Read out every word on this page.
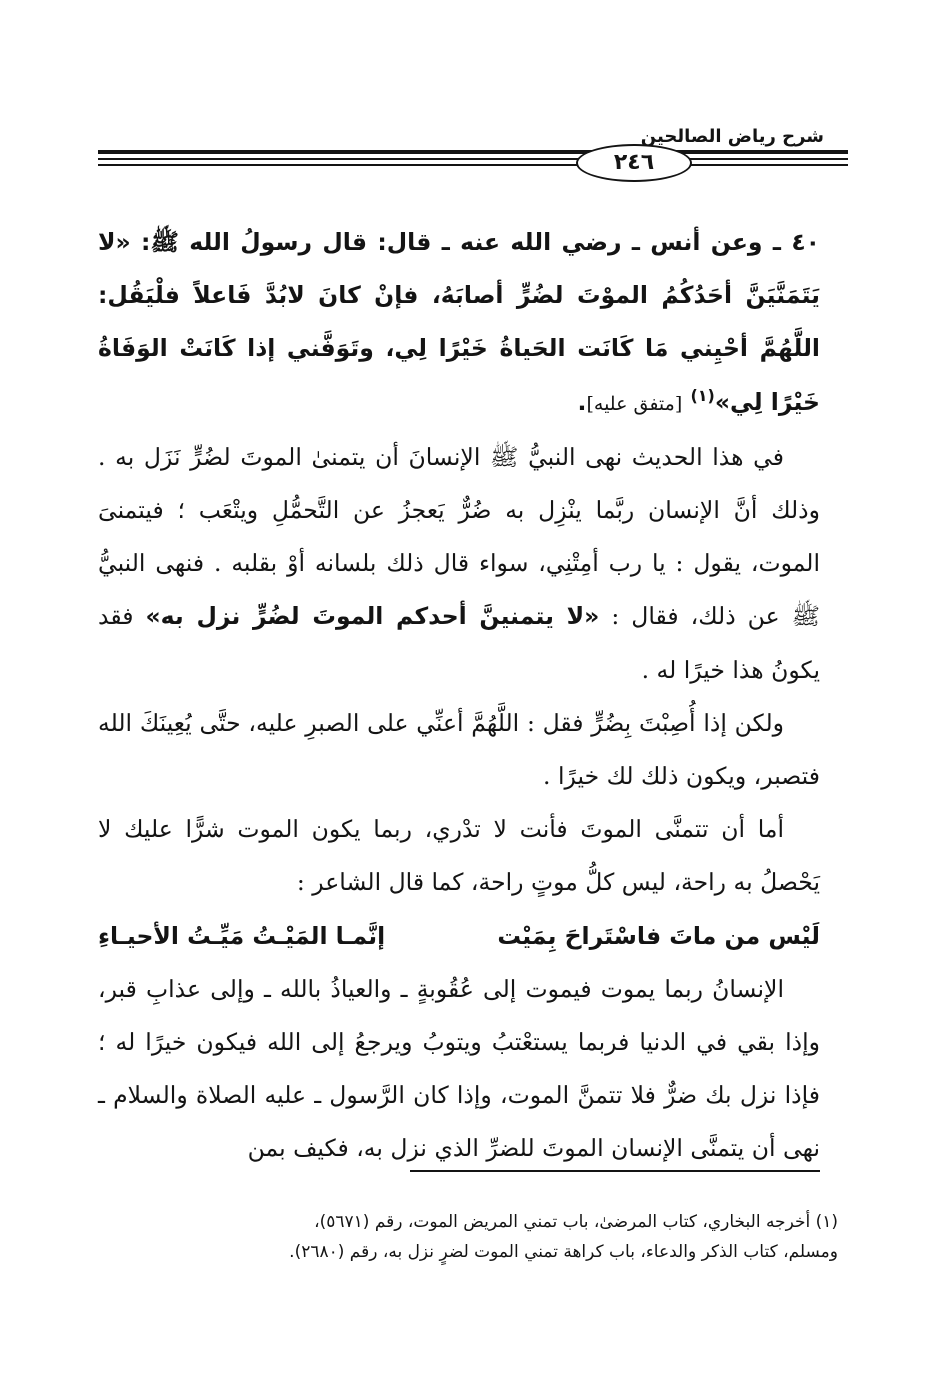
شرح رياض الصالحين
٢٤٦

٤٠ ـ وعن أنس ـ رضي الله عنه ـ قال: قال رسولُ الله ﷺ: «لا يَتَمَنَّيَنَّ أحَدُكُمُ الموْتَ لضُرٍّ أصابَهُ، فإنْ كانَ لابُدَّ فَاعلاً فلْيَقُل: اللَّهُمَّ أحْيِني مَا كَانَت الحَياةُ خَيْرًا لِي، وتَوَفَّني إذا كَانَتْ الوَفَاةُ خَيْرًا لِي»$^{(١)}$ [متفق عليه].

في هذا الحديث نهى النبيُّ ﷺ الإنسانَ أن يتمنىٰ الموتَ لضُرٍّ نَزَل به . وذلك أنَّ الإنسان ربَّما ينْزِل به ضُرٌّ يَعجزُ عن التَّحمُّلِ ويتْعَب ؛ فيتمنىَ الموت، يقول : يا رب أمِتْنِي، سواء قال ذلك بلسانه أوْ بقلبه . فنهى النبيُّ ﷺ عن ذلك، فقال : «لا يتمنينَّ أحدكم الموتَ لضُرٍّ نزل به» فقد يكونُ هذا خيرًا له .

ولكن إذا أُصِبْتَ بِضُرٍّ فقل : اللَّهُمَّ أعنِّي على الصبرِ عليه، حتَّى يُعِينَكَ الله فتصبر، ويكون ذلك لك خيرًا .

أما أن تتمنَّى الموتَ فأنت لا تدْري، ربما يكون الموت شرًّا عليك لا يَحْصلُ به راحة، ليس كلُّ موتٍ راحة، كما قال الشاعر :

لَيْس من ماتَ فاسْتَراحَ بِمَيْت
إنَّمـا المَيْـتُ مَيِّـتُ الأحيـاءِ

الإنسانُ ربما يموت فيموت إلى عُقُوبةٍ ـ والعياذُ بالله ـ وإلى عذابِ قبر، وإذا بقي في الدنيا فربما يستعْتبُ ويتوبُ ويرجعُ إلى الله فيكون خيرًا له ؛ فإذا نزل بك ضرٌّ فلا تتمنَّ الموت، وإذا كان الرَّسول ـ عليه الصلاة والسلام ـ نهى أن يتمنَّى الإنسان الموتَ للضرِّ الذي نزل به، فكيف بمن

(١) أخرجه البخاري، كتاب المرضىٰ، باب تمني المريض الموت، رقم (٥٦٧١)،

ومسلم، كتاب الذكر والدعاء، باب كراهة تمني الموت لضرٍ نزل به، رقم (٢٦٨٠).
